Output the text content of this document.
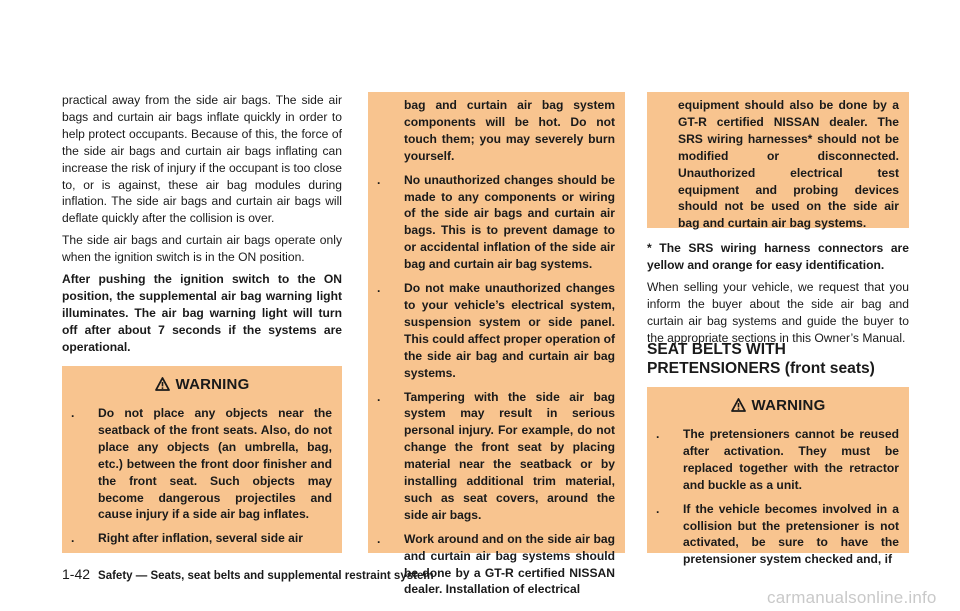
practical away from the side air bags. The side air bags and curtain air bags inflate quickly in order to help protect occupants. Because of this, the force of the side air bags and curtain air bags inflating can increase the risk of injury if the occupant is too close to, or is against, these air bag modules during inflation. The side air bags and curtain air bags will deflate quickly after the collision is over.

The side air bags and curtain air bags operate only when the ignition switch is in the ON position.

After pushing the ignition switch to the ON position, the supplemental air bag warning light illuminates. The air bag warning light will turn off after about 7 seconds if the systems are operational.

WARNING
. Do not place any objects near the seatback of the front seats. Also, do not place any objects (an umbrella, bag, etc.) between the front door finisher and the front seat. Such objects may become dangerous projectiles and cause injury if a side air bag inflates.
. Right after inflation, several side air
bag and curtain air bag system components will be hot. Do not touch them; you may severely burn yourself.
. No unauthorized changes should be made to any components or wiring of the side air bags and curtain air bags. This is to prevent damage to or accidental inflation of the side air bag and curtain air bag systems.
. Do not make unauthorized changes to your vehicle’s electrical system, suspension system or side panel. This could affect proper operation of the side air bag and curtain air bag systems.
. Tampering with the side air bag system may result in serious personal injury. For example, do not change the front seat by placing material near the seatback or by installing additional trim material, such as seat covers, around the side air bags.
. Work around and on the side air bag and curtain air bag systems should be done by a GT-R certified NISSAN dealer. Installation of electrical
equipment should also be done by a GT-R certified NISSAN dealer. The SRS wiring harnesses* should not be modified or disconnected. Unauthorized electrical test equipment and probing devices should not be used on the side air bag and curtain air bag systems.

* The SRS wiring harness connectors are yellow and orange for easy identification.

When selling your vehicle, we request that you inform the buyer about the side air bag and curtain air bag systems and guide the buyer to the appropriate sections in this Owner’s Manual.

SEAT BELTS WITH PRETENSIONERS (front seats)
WARNING
. The pretensioners cannot be reused after activation. They must be replaced together with the retractor and buckle as a unit.
. If the vehicle becomes involved in a collision but the pretensioner is not activated, be sure to have the pretensioner system checked and, if
1-42 Safety — Seats, seat belts and supplemental restraint system
carmanualsonline.info
